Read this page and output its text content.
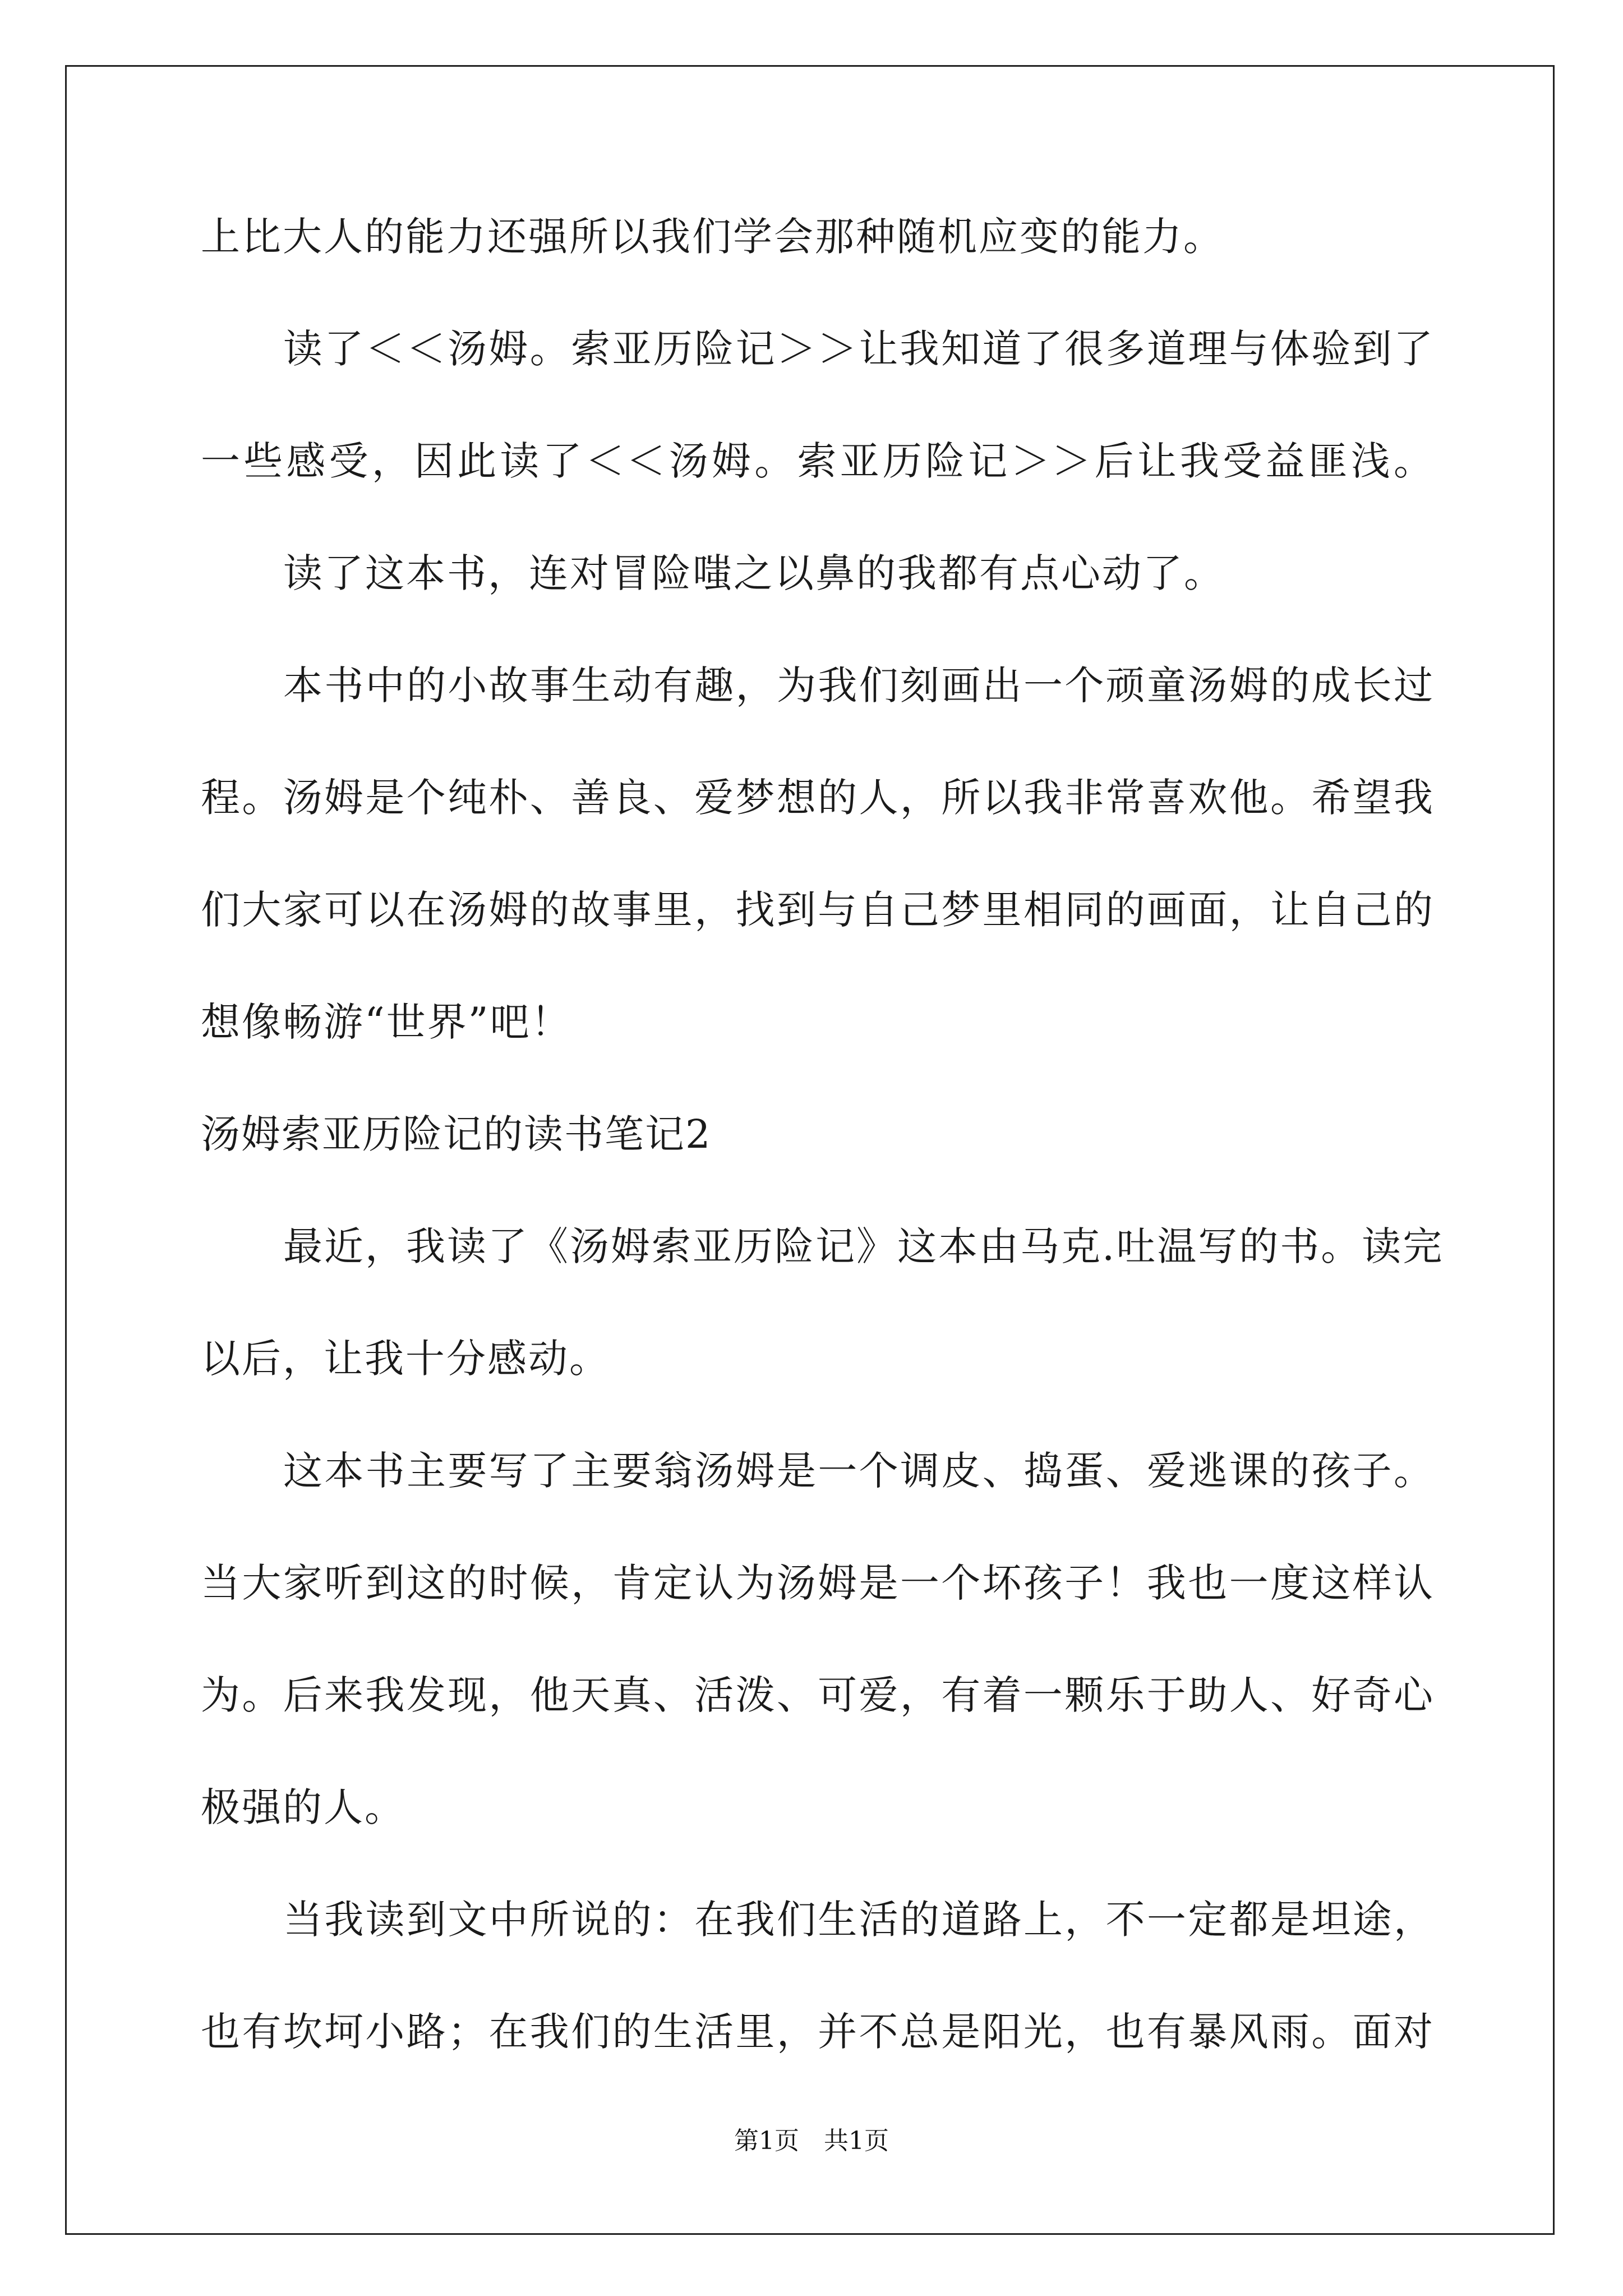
上比大人的能力还强所以我们学会那种随机应变的能力。
读了＜＜汤姆。索亚历险记＞＞让我知道了很多道理与体验到了
一些感受，因此读了＜＜汤姆。索亚历险记＞＞后让我受益匪浅。
读了这本书，连对冒险嗤之以鼻的我都有点心动了。
本书中的小故事生动有趣，为我们刻画出一个顽童汤姆的成长过
程。汤姆是个纯朴、善良、爱梦想的人，所以我非常喜欢他。希望我
们大家可以在汤姆的故事里，找到与自己梦里相同的画面，让自己的
想像畅游“世界”吧！
汤姆索亚历险记的读书笔记2
最近，我读了《汤姆索亚历险记》这本由马克.吐温写的书。读完
以后，让我十分感动。
这本书主要写了主要翁汤姆是一个调皮、捣蛋、爱逃课的孩子。
当大家听到这的时候，肯定认为汤姆是一个坏孩子！我也一度这样认
为。后来我发现，他天真、活泼、可爱，有着一颗乐于助人、好奇心
极强的人。
当我读到文中所说的：在我们生活的道路上，不一定都是坦途，
也有坎坷小路；在我们的生活里，并不总是阳光，也有暴风雨。面对
第1页　共1页
